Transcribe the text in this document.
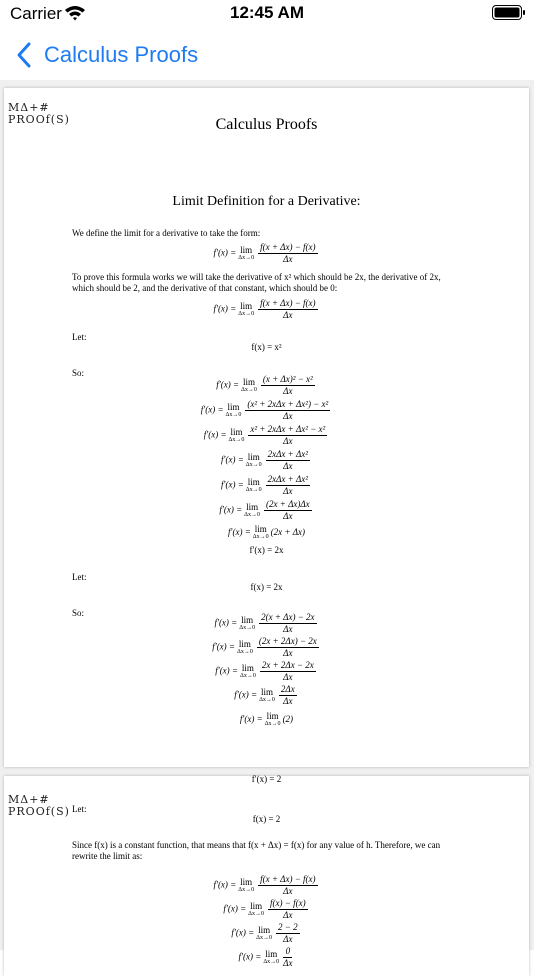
Carrier	12:45 AM
Calculus Proofs
MΔ+#
PROOf(S)	Calculus Proofs
Limit Definition for a Derivative:
We define the limit for a derivative to take the form:
f′(x) = lim
$\Delta x\to 0 \frac{f(x + \Delta x) - f(x)}{\Delta x}$
To prove this formula works we will take the derivative of x² which should be 2x, the derivative of 2x, which should be 2, and the derivative of that constant, which should be 0:
f′(x) = lim
$\Delta x\to 0 \frac{f(x + \Delta x) - f(x)}{\Delta x}$
Let:
f(x) = x²
So:
f′(x) = lim
$\Delta x\to 0 \frac{\text{(x + Δx)² − x²}}{\Delta x}$
f′(x) = lim
$\Delta x\to 0 \frac{\text{(x² + 2xΔx + Δx²) − x²}}{\Delta x}$
f′(x) = lim
$\Delta x\to 0 \frac{\text{x² + 2xΔx + Δx² − x²}}{\Delta x}$
f′(x) = lim
$\Delta x\to 0 \frac{\text{2xΔx + Δx²}}{\Delta x}$
f′(x) = lim
$\Delta x\to 0 \frac{\text{2xΔx + Δx²}}{\Delta x}$
f′(x) = lim
$\Delta x\to 0 \frac{(2x + \Delta x)\Delta x}{\Delta x}$
f′(x) = lim
Δx→0 (2x + Δx)
f′(x) = 2x
Let:
f(x) = 2x
So:
f′(x) = lim
$\Delta x\to 0 \frac{2(x + \Delta x) - 2x}{\Delta x}$
f′(x) = lim
$\Delta x\to 0 \frac{(2x + 2\Delta x) - 2x}{\Delta x}$
f′(x) = lim
$\Delta x\to 0 \frac{2x + 2\Delta x - 2x}{\Delta x}$
f′(x) = lim
$\Delta x\to 0 \frac{2\Delta x}{\Delta x}$
f′(x) = lim
Δx→0 (2)
f′(x) = 2
MΔ+#
PROOf(S) Let:
f(x) = 2
Since f(x) is a constant function, that means that f(x + Δx) = f(x) for any value of h. Therefore, we can rewrite the limit as:
f′(x) = lim
$\Delta x\to 0 \frac{f(x + \Delta x) - f(x)}{\Delta x}$
f′(x) = lim
$\Delta x\to 0 \frac{f(x) - f(x)}{\Delta x}$
f′(x) = lim
$\Delta x\to 0 \frac{2 - 2}{\Delta x}$
f′(x) = lim
$\Delta x\to 0 \frac{0}{\Delta x}$
